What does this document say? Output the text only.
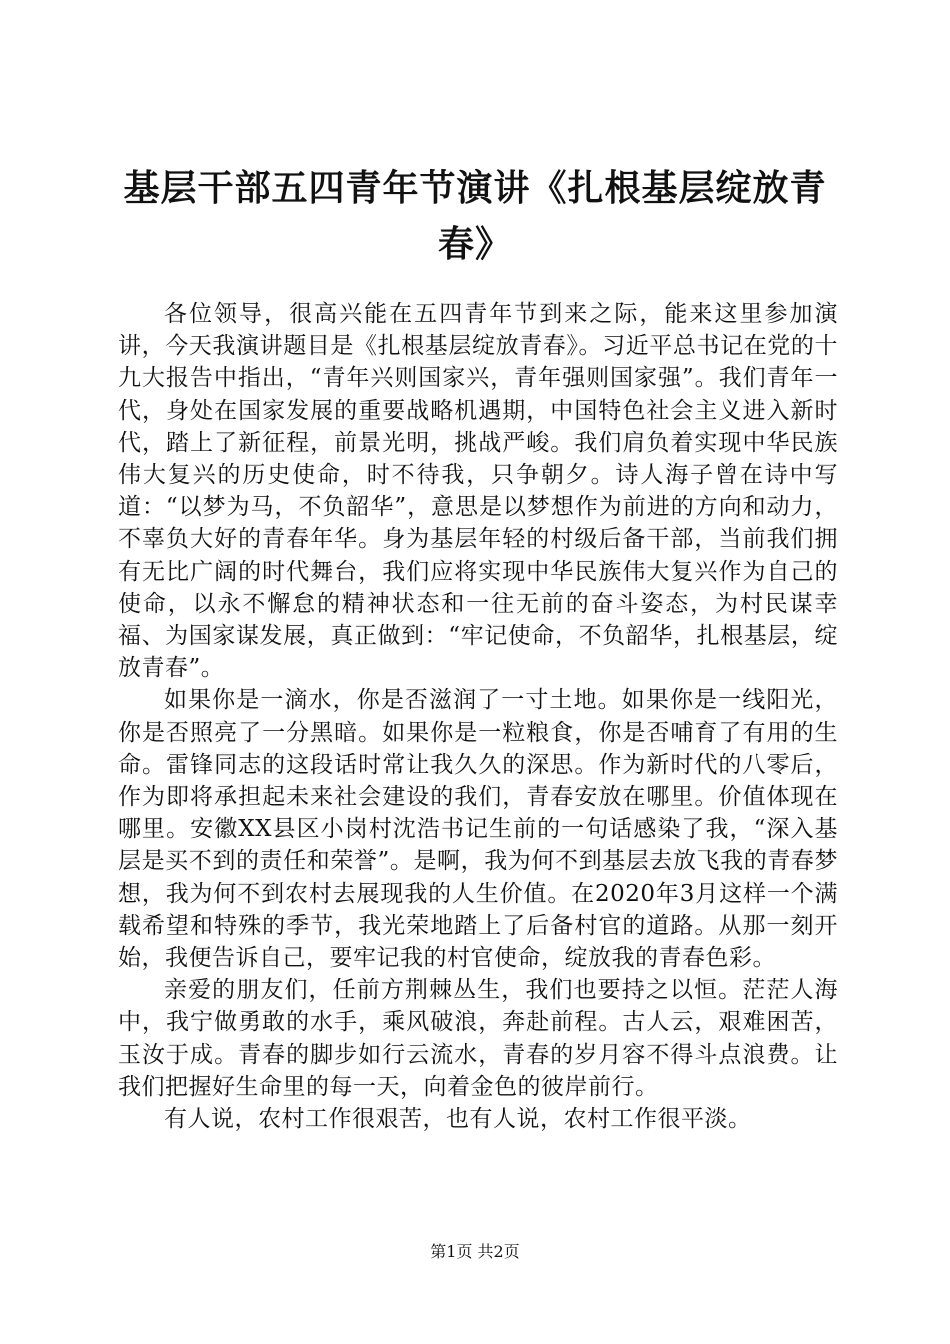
基层干部五四青年节演讲《扎根基层绽放青春》

各位领导，很高兴能在五四青年节到来之际，能来这里参加演讲，今天我演讲题目是《扎根基层绽放青春》。习近平总书记在党的十九大报告中指出，“青年兴则国家兴，青年强则国家强”。我们青年一代，身处在国家发展的重要战略机遇期，中国特色社会主义进入新时代，踏上了新征程，前景光明，挑战严峻。我们肩负着实现中华民族伟大复兴的历史使命，时不待我，只争朝夕。诗人海子曾在诗中写道：“以梦为马，不负韶华”，意思是以梦想作为前进的方向和动力，不辜负大好的青春年华。身为基层年轻的村级后备干部，当前我们拥有无比广阔的时代舞台，我们应将实现中华民族伟大复兴作为自己的使命，以永不懈怠的精神状态和一往无前的奋斗姿态，为村民谋幸福、为国家谋发展，真正做到：“牢记使命，不负韶华，扎根基层，绽放青春”。

如果你是一滴水，你是否滋润了一寸土地。如果你是一线阳光，你是否照亮了一分黑暗。如果你是一粒粮食，你是否哺育了有用的生命。雷锋同志的这段话时常让我久久的深思。作为新时代的八零后，作为即将承担起未来社会建设的我们，青春安放在哪里。价值体现在哪里。安徽XX县区小岗村沈浩书记生前的一句话感染了我，“深入基层是买不到的责任和荣誉”。是啊，我为何不到基层去放飞我的青春梦想，我为何不到农村去展现我的人生价值。在2020年3月这样一个满载希望和特殊的季节，我光荣地踏上了后备村官的道路。从那一刻开始，我便告诉自己，要牢记我的村官使命，绽放我的青春色彩。

亲爱的朋友们，任前方荆棘丛生，我们也要持之以恒。茫茫人海中，我宁做勇敢的水手，乘风破浪，奔赴前程。古人云，艰难困苦，玉汝于成。青春的脚步如行云流水，青春的岁月容不得斗点浪费。让我们把握好生命里的每一天，向着金色的彼岸前行。

有人说，农村工作很艰苦，也有人说，农村工作很平淡。

第1页 共2页
